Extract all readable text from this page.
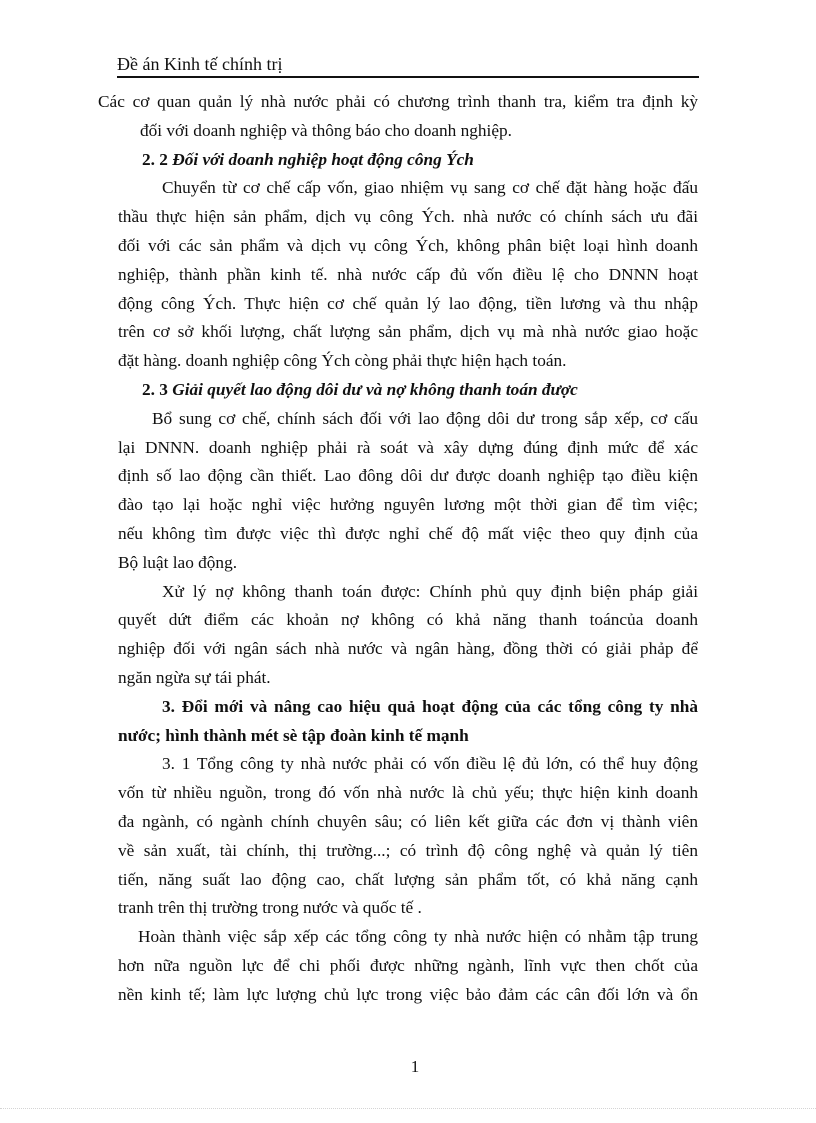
Đề án Kinh tế chính trị

Các cơ quan quản lý nhà nước phải có chương trình thanh tra, kiểm tra định kỳ
đối với doanh nghiệp và thông báo cho doanh nghiệp.

2. 2 Đối với doanh nghiệp hoạt động công Ých

Chuyển từ cơ chế cấp vốn, giao nhiệm vụ sang cơ chế đặt hàng hoặc đấu
thầu thực hiện sản phẩm, dịch vụ công Ých. nhà nước có chính sách ưu đãi
đối với các sản phẩm và dịch vụ công Ých, không phân biệt loại hình doanh
nghiệp, thành phần kinh tế. nhà nước cấp đủ vốn điều lệ cho DNNN hoạt
động công Ých. Thực hiện cơ chế quản lý lao động, tiền lương và thu nhập
trên cơ sở khối lượng, chất lượng sản phẩm, dịch vụ mà nhà nước giao hoặc
đặt hàng. doanh nghiệp công Ých còng phải thực hiện hạch toán.

2. 3 Giải quyết lao động dôi dư và nợ không thanh toán được

Bổ sung cơ chế, chính sách đối với lao động dôi dư trong sắp xếp, cơ cấu
lại DNNN. doanh nghiệp phải rà soát và xây dựng đúng định mức để xác
định số lao động cần thiết. Lao đông dôi dư được doanh nghiệp tạo điều kiện
đào tạo lại hoặc nghỉ việc hưởng nguyên lương một thời gian để tìm việc;
nếu không tìm được việc thì được nghỉ chế độ mất việc theo quy định của
Bộ luật lao động.

Xử lý nợ không thanh toán được: Chính phủ quy định biện pháp giải
quyết dứt điểm các khoản nợ không có khả năng thanh toáncủa doanh
nghiệp đối với ngân sách nhà nước và ngân hàng, đồng thời có giải phảp để
ngăn ngừa sự tái phát.

3. Đổi mới và nâng cao hiệu quả hoạt động của các tổng công ty nhà
nước; hình thành mét sè tập đoàn kinh tế mạnh

3. 1 Tổng công ty nhà nước phải có vốn điều lệ đủ lớn, có thể huy động
vốn từ nhiều nguồn, trong đó vốn nhà nước là chủ yếu; thực hiện kinh doanh
đa ngành, có ngành chính chuyên sâu; có liên kết giữa các đơn vị thành viên
về sản xuất, tài chính, thị trường...; có trình độ công nghệ và quản lý tiên
tiến, năng suất lao động cao, chất lượng sản phẩm tốt, có khả năng cạnh
tranh trên thị trường trong nước và quốc tế .

Hoàn thành việc sắp xếp các tổng công ty nhà nước hiện có nhằm tập trung
hơn nữa nguồn lực để chi phối được những ngành, lĩnh vực then chốt của
nền kinh tế; làm lực lượng chủ lực trong việc bảo đảm các cân đối lớn và ổn

1
